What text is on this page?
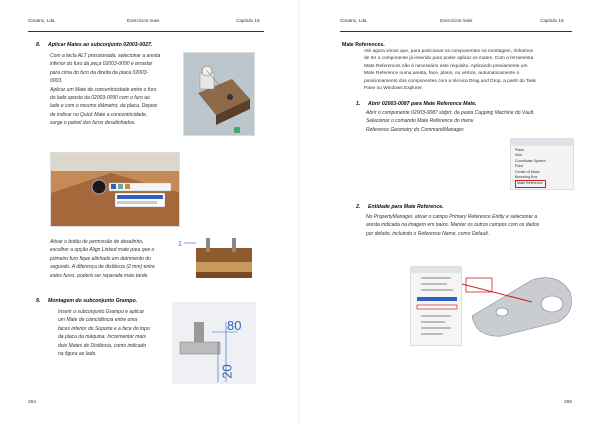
Creatrix, Lda.	Exercícios reais	Capítulo 18
8. Aplicar Mates ao subconjunto 02003-0027.
Com a tecla ALT pressionada, selecionar a aresta
inferior do furo da peça 02003-0090 e arrastar
para cima do furo da direita da placa 02003-
0003.
Aplicar um Mate de concentricidade entre o furo
do lado oposto da 02003-0090 com o furo ao
lado e com o mesmo diâmetro, da placa. Depois
de indicar no Quick Mate a concentricidade,
surge o painel dos furos desalinhados.
Ativar o botão de permissão de desalinho,
escolher a opção Align Linked mate para que o
primeiro furo fique alinhado em detrimento do
segundo. A diferença de distância (2 mm) entre
estes furos, poderá ser reparada mais tarde.
1
9. Montagem do subconjunto Grampo.
Inserir o subconjunto Grampo e aplicar
um Mate de coincidência entre uma
faces inferior do Suporte e a face do topo
da placa da máquina. Incrementar mais
dois Mates de Distância, como indicado
na figura ao lado.
80
20
264
Creatrix, Lda.	Exercícios reais	Capítulo 18
Mate References.
Até agora vimos que, para posicionar os componentes na montagem, tínhamos
de ter o componente já inserido para poder aplicar os mates. Com a ferramenta
Mate References não é necessário este requisito. Aplicando previamente um
Mate Reference numa aresta, face, plano, ou vértice, automaticamente o
posicionamento dos componentes com a técnica Drag and Drop, a partir do Task
Pane ou Windows Explorer.
1. Abrir 02003-0087 para Mate Reference Mate.
Abrir o componente 02003-0087.sldprt, da pasta Capping Machine do Vault.
Selecionar o comando Mate Reference do menu
Reference Geometry do CommandManager.
Plane
Axis
Coordinate System
Point
Center of Mass
Bounding Box
Mate Reference
2. Entidade para Mate Reference.
No PropertyManager, ativar o campo Primary Reference Entity e selecionar a
aresta indicada na imagem em baixo. Manter os outros campos com os dados
por defeito, incluindo o Reference Name, como Default.
265
